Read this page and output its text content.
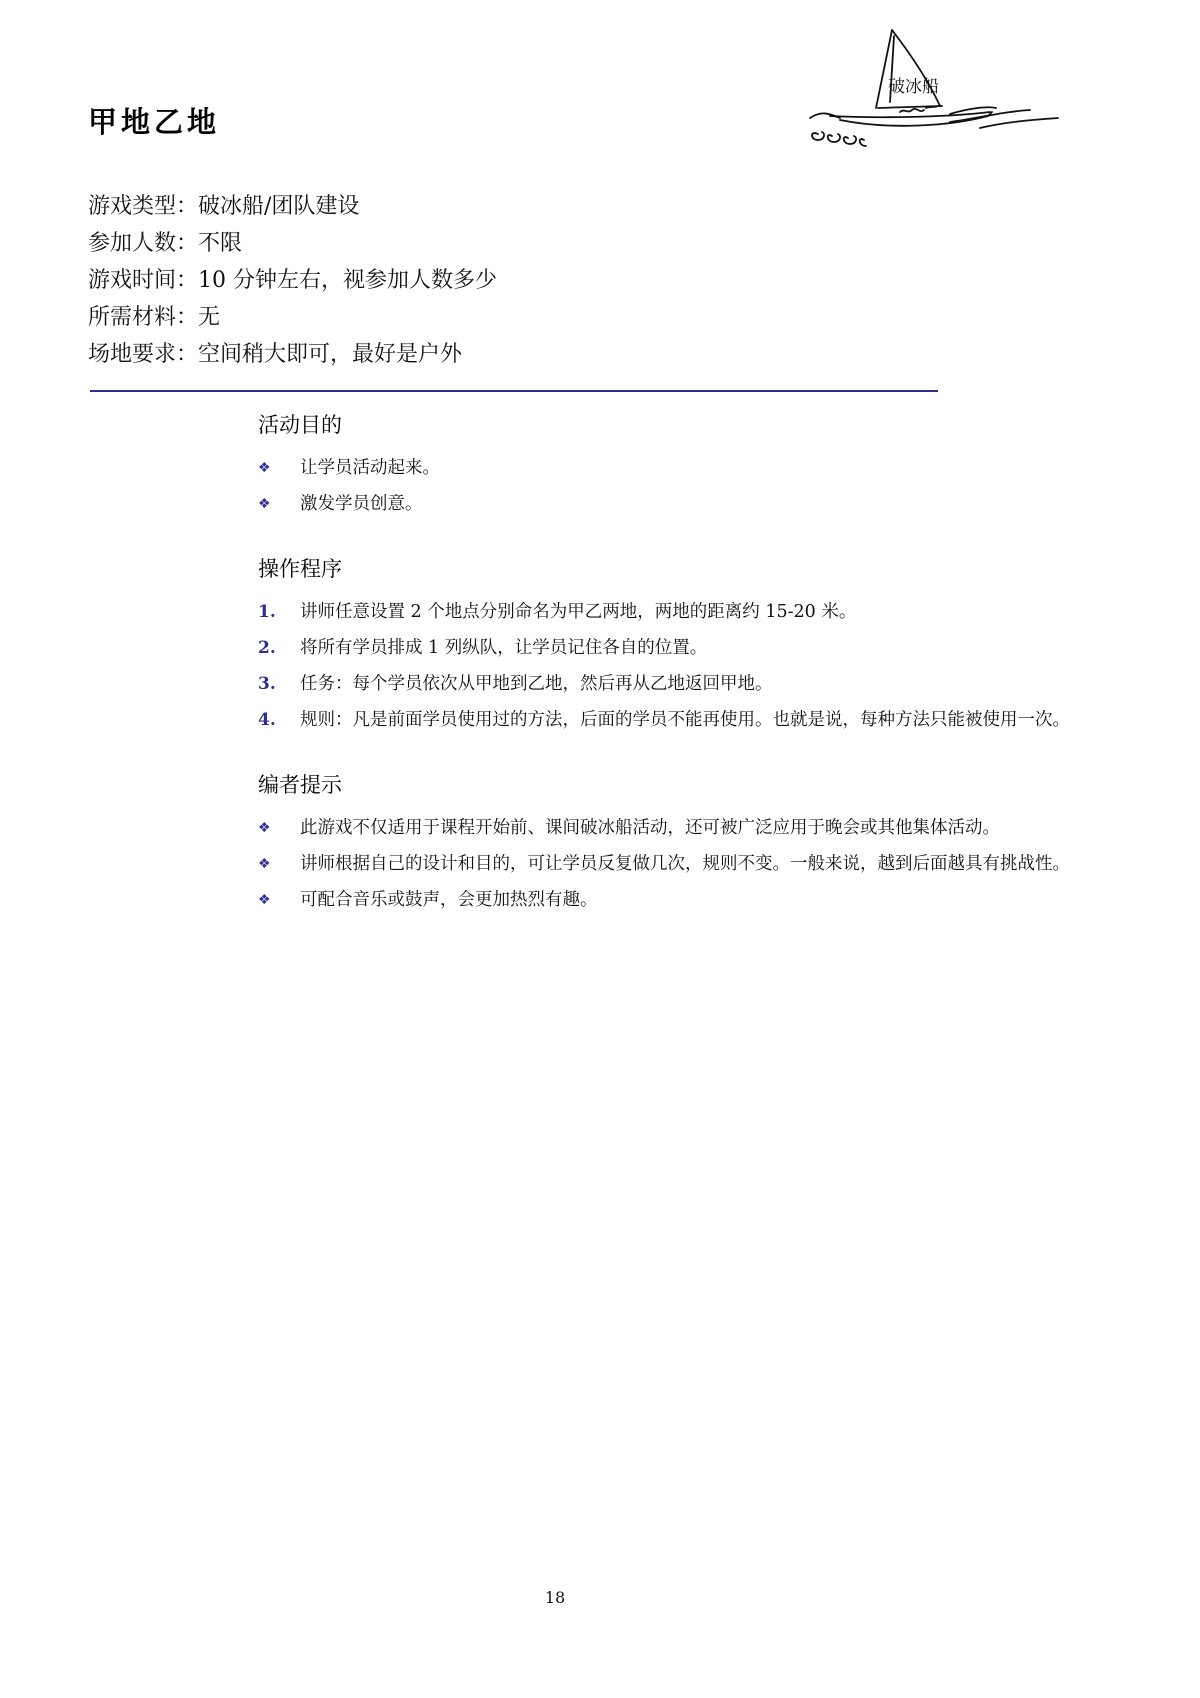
破冰船
甲地乙地
游戏类型：破冰船/团队建设
参加人数：不限
游戏时间：10 分钟左右，视参加人数多少
所需材料：无
场地要求：空间稍大即可，最好是户外
活动目的
❖	让学员活动起来。
❖	激发学员创意。
操作程序
1.	讲师任意设置 2 个地点分别命名为甲乙两地，两地的距离约 15-20 米。
2.	将所有学员排成 1 列纵队，让学员记住各自的位置。
3.	任务：每个学员依次从甲地到乙地，然后再从乙地返回甲地。
4.	规则：凡是前面学员使用过的方法，后面的学员不能再使用。也就是说，每种方法只能被使用一次。
编者提示
❖	此游戏不仅适用于课程开始前、课间破冰船活动，还可被广泛应用于晚会或其他集体活动。
❖	讲师根据自己的设计和目的，可让学员反复做几次，规则不变。一般来说，越到后面越具有挑战性。
❖	可配合音乐或鼓声，会更加热烈有趣。
18
